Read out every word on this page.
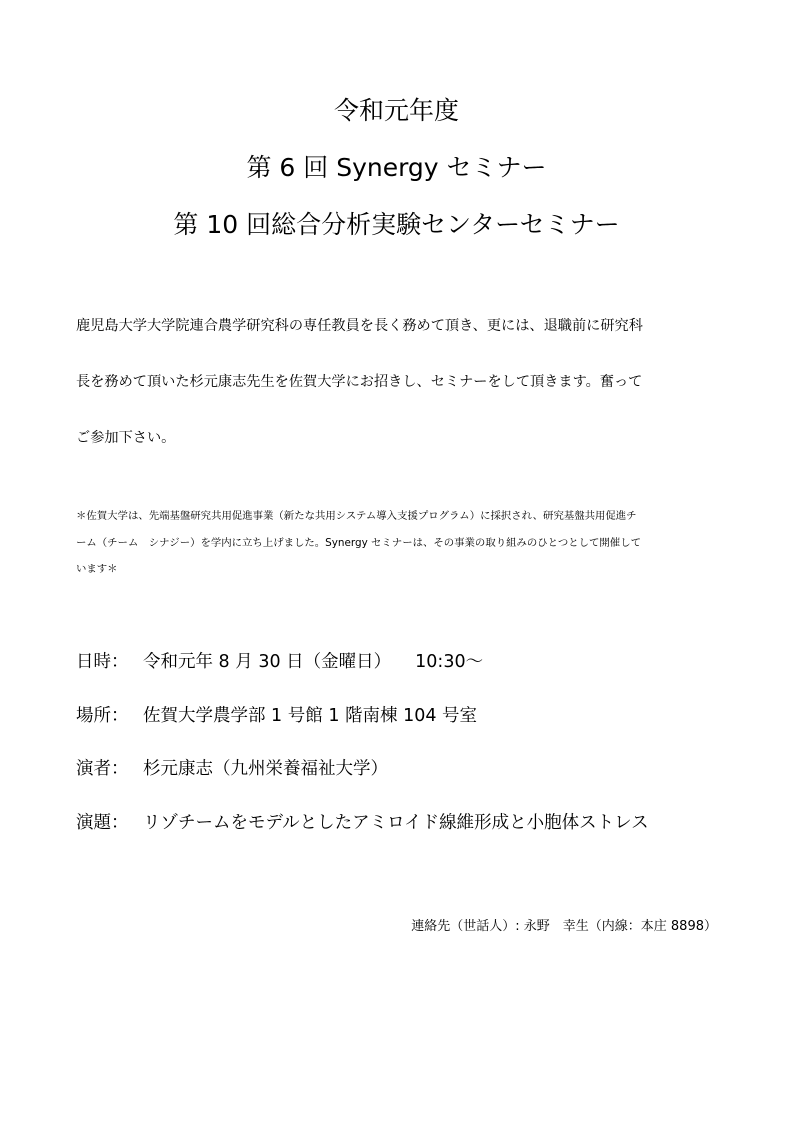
令和元年度
第 6 回 Synergy セミナー
第 10 回総合分析実験センターセミナー
鹿児島大学大学院連合農学研究科の専任教員を長く務めて頂き、更には、退職前に研究科
長を務めて頂いた杉元康志先生を佐賀大学にお招きし、セミナーをして頂きます。奮って
ご参加下さい。
＊佐賀大学は、先端基盤研究共用促進事業（新たな共用システム導入支援プログラム）に採択され、研究基盤共用促進チ
ーム（チーム　シナジー）を学内に立ち上げました。Synergy セミナーは、その事業の取り組みのひとつとして開催して
います＊
日時： 令和元年 8 月 30 日（金曜日） 10:30～
場所： 佐賀大学農学部 1 号館 1 階南棟 104 号室
演者： 杉元康志（九州栄養福祉大学）
演題： リゾチームをモデルとしたアミロイド線維形成と小胞体ストレス
連絡先（世話人）: 永野　幸生（内線：本庄 8898）
